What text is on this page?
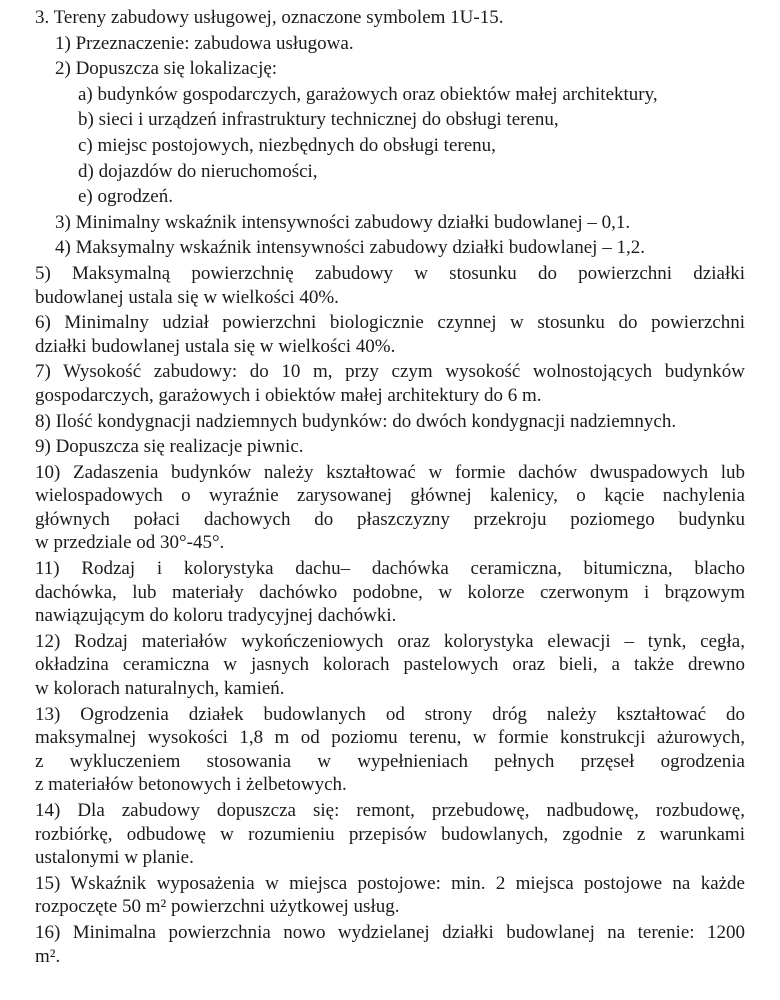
3. Tereny zabudowy usługowej, oznaczone symbolem 1U-15.

1) Przeznaczenie: zabudowa usługowa.

2) Dopuszcza się lokalizację:

a) budynków gospodarczych, garażowych oraz obiektów małej architektury,

b) sieci i urządzeń infrastruktury technicznej do obsługi terenu,

c) miejsc postojowych, niezbędnych do obsługi terenu,

d) dojazdów do nieruchomości,

e) ogrodzeń.

3) Minimalny wskaźnik intensywności zabudowy działki budowlanej – 0,1.

4) Maksymalny wskaźnik intensywności zabudowy działki budowlanej – 1,2.

5) Maksymalną powierzchnię zabudowy w stosunku do powierzchni działki
budowlanej ustala się w wielkości 40%.

6) Minimalny udział powierzchni biologicznie czynnej w stosunku do powierzchni
działki budowlanej ustala się w wielkości 40%.

7) Wysokość zabudowy: do 10 m, przy czym wysokość wolnostojących budynków
gospodarczych, garażowych i obiektów małej architektury do 6 m.

8) Ilość kondygnacji nadziemnych budynków: do dwóch kondygnacji nadziemnych.

9) Dopuszcza się realizacje piwnic.

10) Zadaszenia budynków należy kształtować w formie dachów dwuspadowych lub
wielospadowych o wyraźnie zarysowanej głównej kalenicy, o kącie nachylenia
głównych połaci dachowych do płaszczyzny przekroju poziomego budynku
w przedziale od 30°-45°.

11) Rodzaj i kolorystyka dachu– dachówka ceramiczna, bitumiczna, blacho
dachówka, lub materiały dachówko podobne, w kolorze czerwonym i brązowym
nawiązującym do koloru tradycyjnej dachówki.

12) Rodzaj materiałów wykończeniowych oraz kolorystyka elewacji – tynk, cegła,
okładzina ceramiczna w jasnych kolorach pastelowych oraz bieli, a także drewno
w kolorach naturalnych, kamień.

13) Ogrodzenia działek budowlanych od strony dróg należy kształtować do
maksymalnej wysokości 1,8 m od poziomu terenu, w formie konstrukcji ażurowych,
z wykluczeniem stosowania w wypełnieniach pełnych przęseł ogrodzenia
z materiałów betonowych i żelbetowych.

14) Dla zabudowy dopuszcza się: remont, przebudowę, nadbudowę, rozbudowę,
rozbiórkę, odbudowę w rozumieniu przepisów budowlanych, zgodnie z warunkami
ustalonymi w planie.

15) Wskaźnik wyposażenia w miejsca postojowe: min. 2 miejsca postojowe na każde
rozpoczęte 50 m² powierzchni użytkowej usług.

16) Minimalna powierzchnia nowo wydzielanej działki budowlanej na terenie: 1200
m².
